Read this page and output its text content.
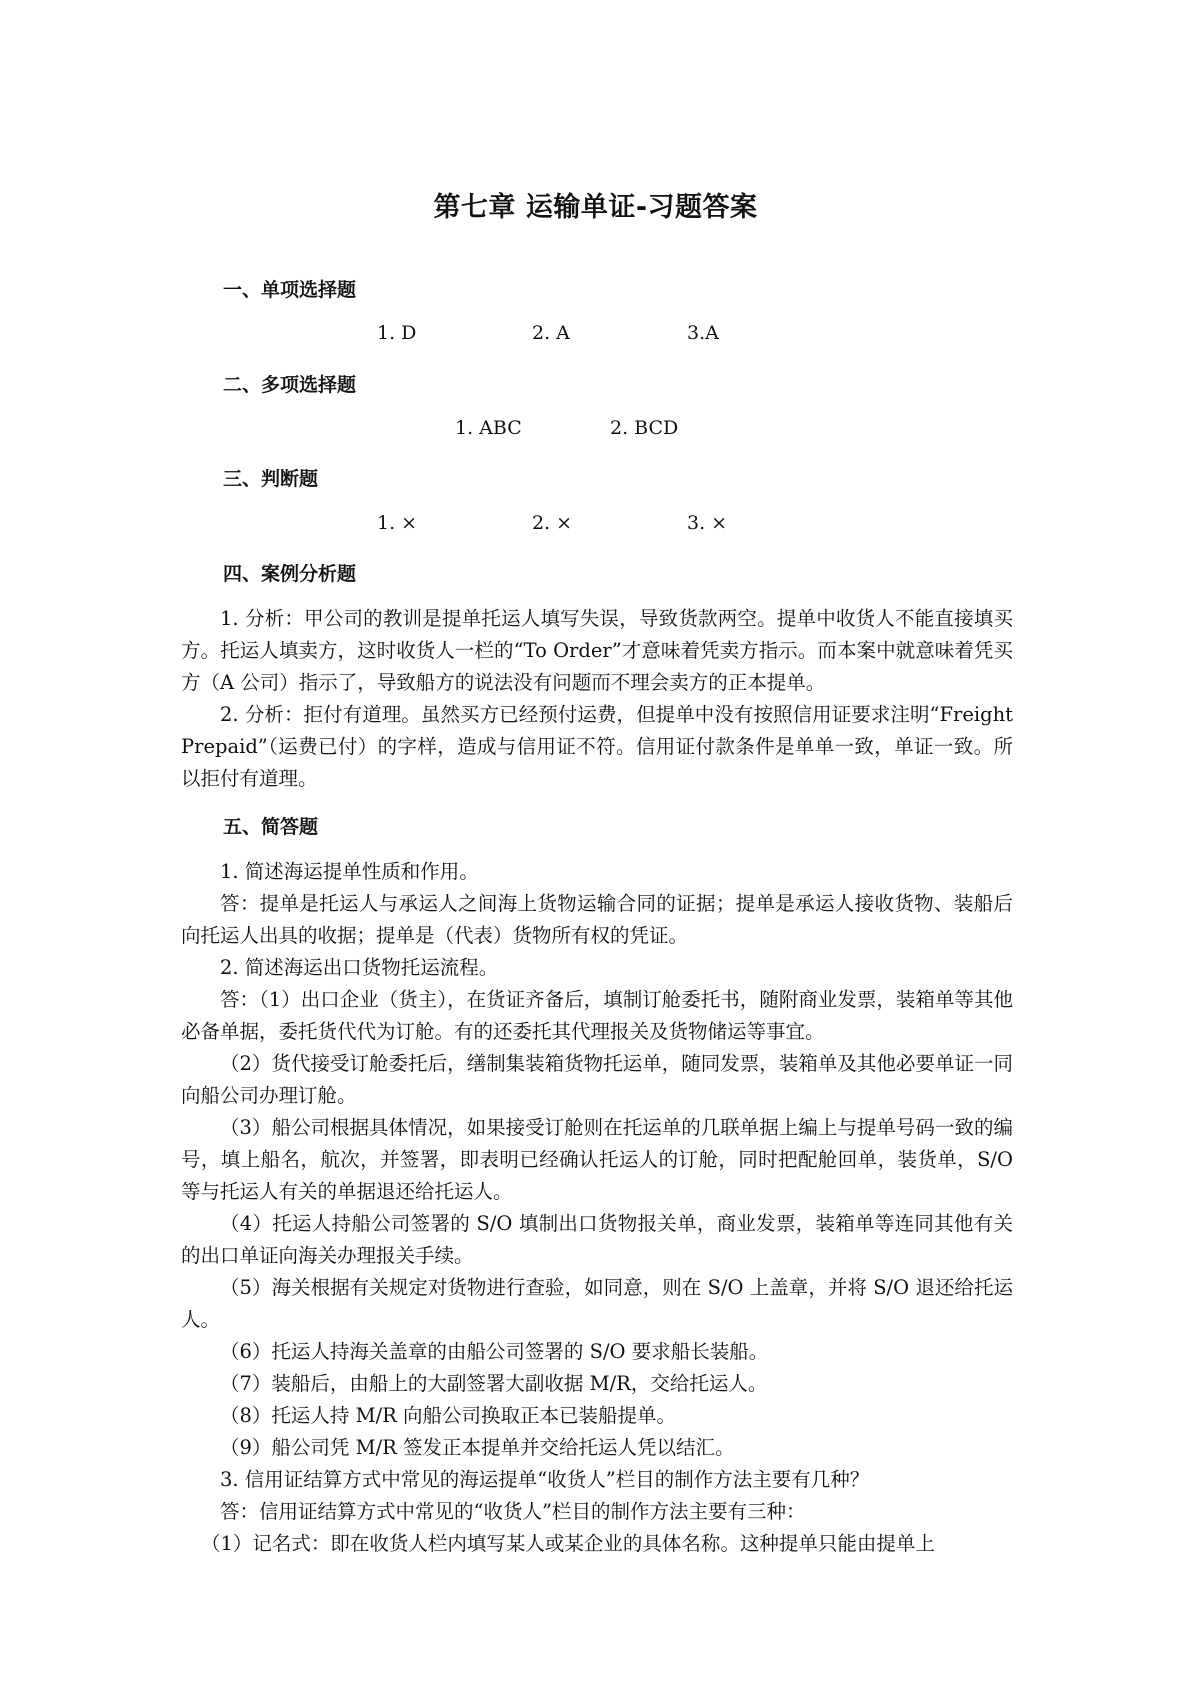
第七章 运输单证-习题答案
一、单项选择题
1. D	2. A	3.A
二、多项选择题
1. ABC	2. BCD
三、判断题
1. ×	2. ×	3. ×
四、案例分析题

1. 分析：甲公司的教训是提单托运人填写失误，导致货款两空。提单中收货人不能直接填买方。托运人填卖方，这时收货人一栏的“To Order”才意味着凭卖方指示。而本案中就意味着凭买方（A 公司）指示了，导致船方的说法没有问题而不理会卖方的正本提单。

2. 分析：拒付有道理。虽然买方已经预付运费，但提单中没有按照信用证要求注明“Freight Prepaid”（运费已付）的字样，造成与信用证不符。信用证付款条件是单单一致，单证一致。所以拒付有道理。

五、简答题

1. 简述海运提单性质和作用。

答：提单是托运人与承运人之间海上货物运输合同的证据；提单是承运人接收货物、装船后向托运人出具的收据；提单是（代表）货物所有权的凭证。

2. 简述海运出口货物托运流程。

答：（1）出口企业（货主），在货证齐备后，填制订舱委托书，随附商业发票，装箱单等其他必备单据，委托货代代为订舱。有的还委托其代理报关及货物储运等事宜。

（2）货代接受订舱委托后，缮制集装箱货物托运单，随同发票，装箱单及其他必要单证一同向船公司办理订舱。

（3）船公司根据具体情况，如果接受订舱则在托运单的几联单据上编上与提单号码一致的编号，填上船名，航次，并签署，即表明已经确认托运人的订舱，同时把配舱回单，装货单，S/O 等与托运人有关的单据退还给托运人。

（4）托运人持船公司签署的 S/O 填制出口货物报关单，商业发票，装箱单等连同其他有关的出口单证向海关办理报关手续。

（5）海关根据有关规定对货物进行查验，如同意，则在 S/O 上盖章，并将 S/O 退还给托运人。

（6）托运人持海关盖章的由船公司签署的 S/O 要求船长装船。

（7）装船后，由船上的大副签署大副收据 M/R，交给托运人。

（8）托运人持 M/R 向船公司换取正本已装船提单。

（9）船公司凭 M/R 签发正本提单并交给托运人凭以结汇。

3. 信用证结算方式中常见的海运提单“收货人”栏目的制作方法主要有几种？

答：信用证结算方式中常见的“收货人”栏目的制作方法主要有三种：

（1）记名式：即在收货人栏内填写某人或某企业的具体名称。这种提单只能由提单上
